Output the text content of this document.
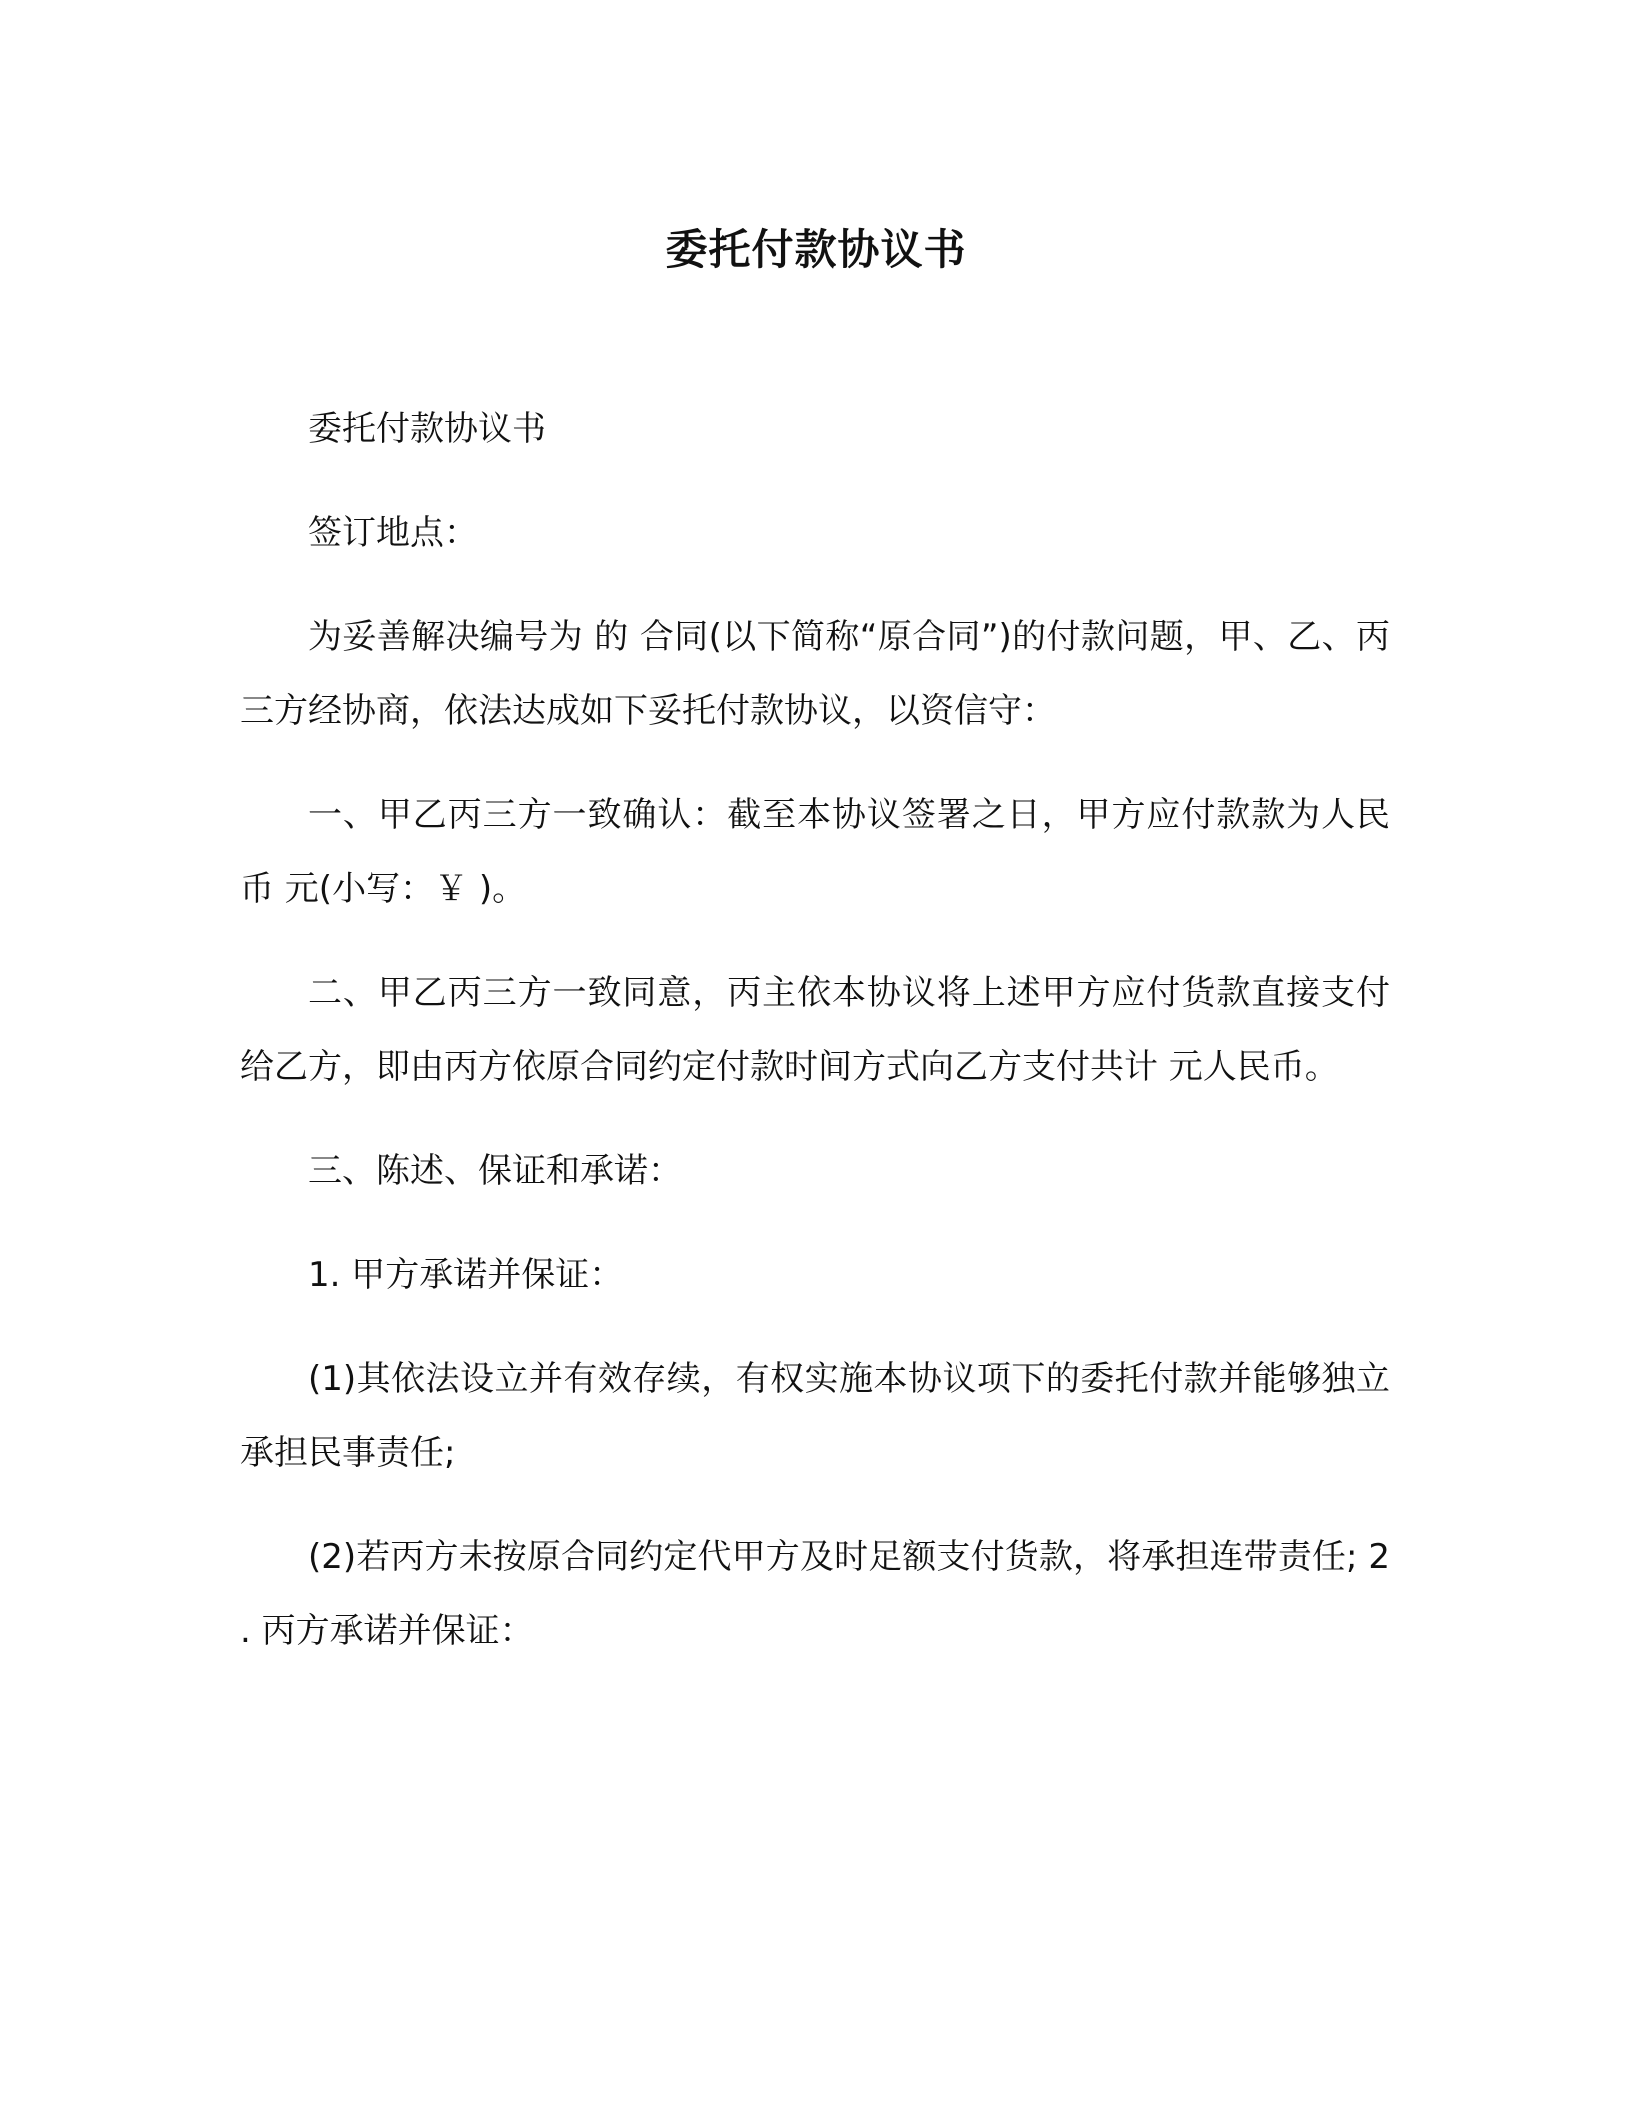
委托付款协议书

委托付款协议书

签订地点：

为妥善解决编号为 的 合同(以下简称“原合同”)的付款问题，甲、乙、丙三方经协商，依法达成如下妥托付款协议，以资信守：

一、甲乙丙三方一致确认：截至本协议签署之日，甲方应付款款为人民币 元(小写：￥ )。

二、甲乙丙三方一致同意，丙主依本协议将上述甲方应付货款直接支付给乙方，即由丙方依原合同约定付款时间方式向乙方支付共计 元人民币。

三、陈述、保证和承诺：

1. 甲方承诺并保证：

(1)其依法设立并有效存续，有权实施本协议项下的委托付款并能够独立承担民事责任;

(2)若丙方未按原合同约定代甲方及时足额支付货款，将承担连带责任; 2 . 丙方承诺并保证：
